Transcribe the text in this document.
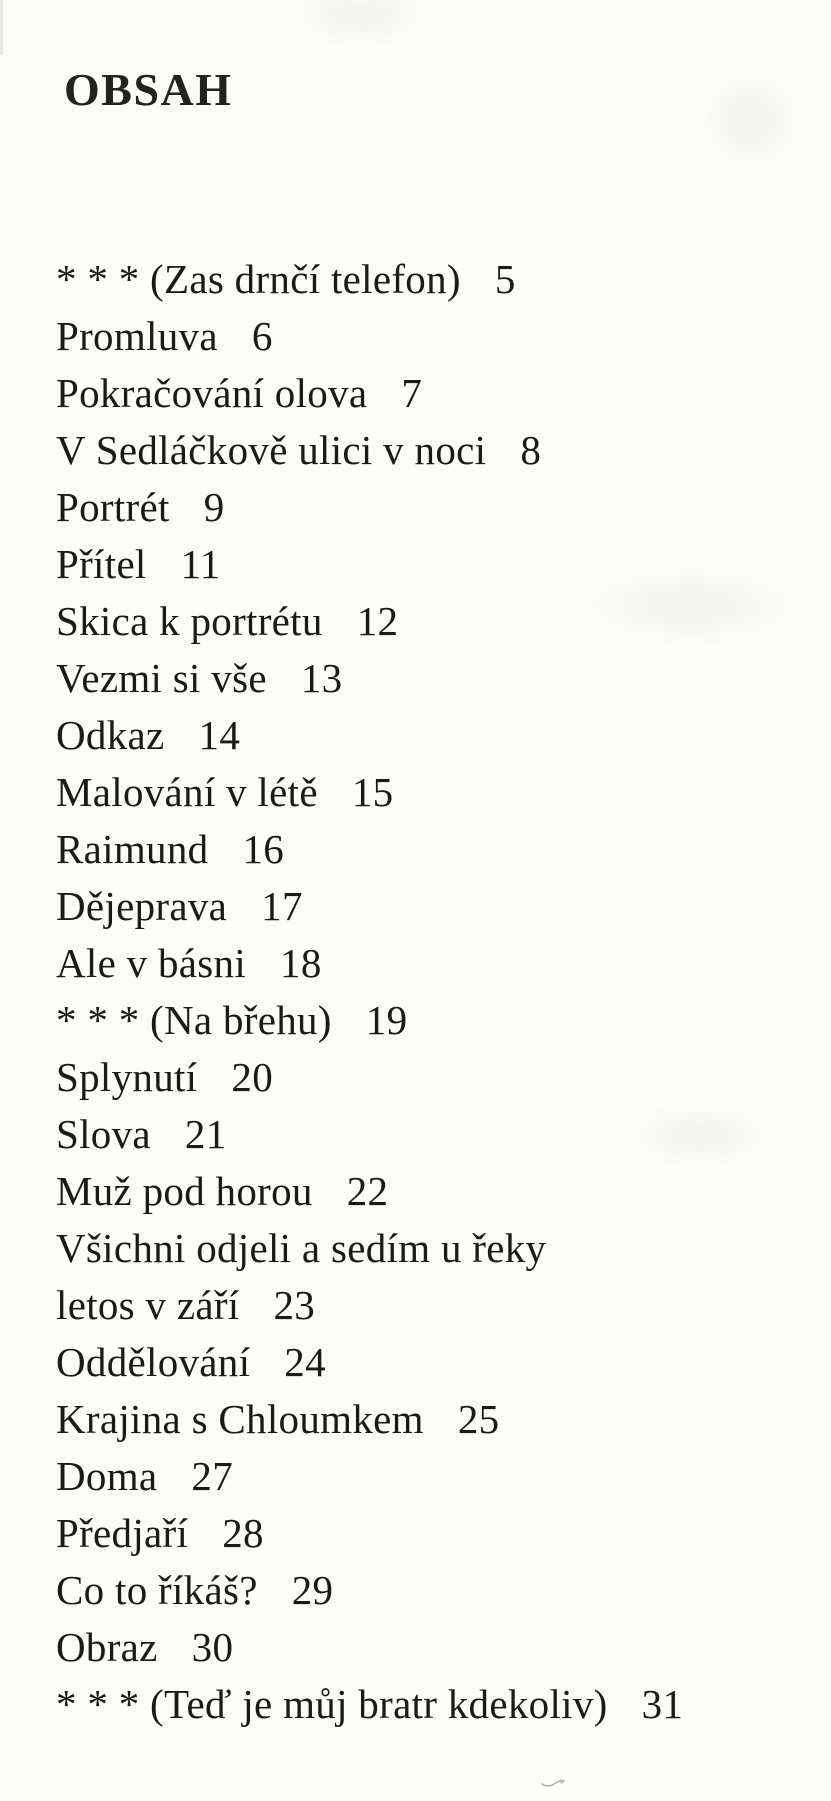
OBSAH
* * * (Zas drnčí telefon) 5
Promluva 6
Pokračování olova 7
V Sedláčkově ulici v noci 8
Portrét 9
Přítel 11
Skica k portrétu 12
Vezmi si vše 13
Odkaz 14
Malování v létě 15
Raimund 16
Dějeprava 17
Ale v básni 18
* * * (Na břehu) 19
Splynutí 20
Slova 21
Muž pod horou 22
Všichni odjeli a sedím u řeky
letos v září 23
Oddělování 24
Krajina s Chloumkem 25
Doma 27
Předjaří 28
Co to říkáš? 29
Obraz 30
* * * (Teď je můj bratr kdekoliv) 31
